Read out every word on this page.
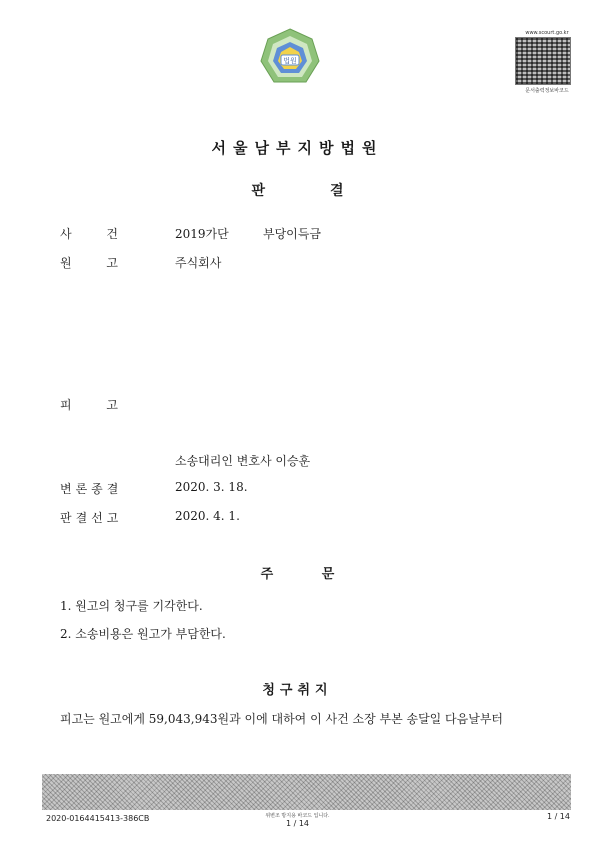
법원
www.scourt.go.kr
문서출력정보바코드
서울남부지방법원
판	결
사	건	2019가단	부당이득금
원	고	주식회사
피	고
소송대리인 변호사 이승훈
변론종결	2020. 3. 18.
판결선고	2020. 4. 1.
주	문
1. 원고의 청구를 기각한다.
2. 소송비용은 원고가 부담한다.
청구취지
피고는 원고에게 59,043,943원과 이에 대하여 이 사건 소장 부본 송달일 다음날부터
2020-0164415413-386CB	위변조 방지용 바코드 입니다.
1 / 14
1 / 14
